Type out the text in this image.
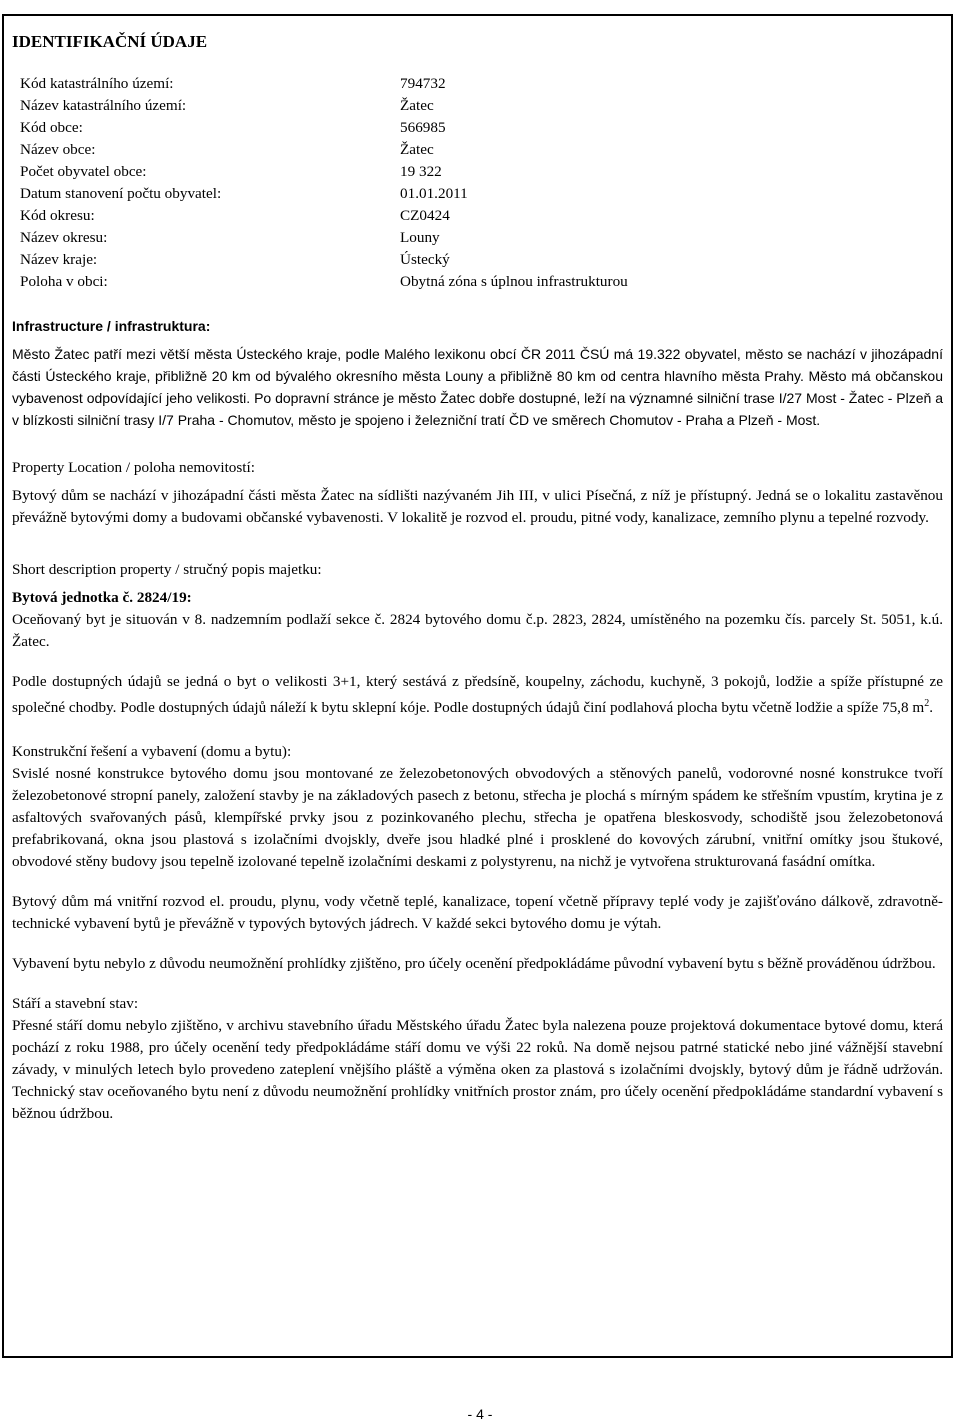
IDENTIFIKAČNÍ ÚDAJE
Kód katastrálního území:	794732
Název katastrálního území:	Žatec
Kód obce:	566985
Název obce:	Žatec
Počet obyvatel obce:	19 322
Datum stanovení počtu obyvatel:	01.01.2011
Kód okresu:	CZ0424
Název okresu:	Louny
Název kraje:	Ústecký
Poloha v obci:	Obytná zóna s úplnou infrastrukturou
Infrastructure / infrastruktura:

Město Žatec patří mezi větší města Ústeckého kraje, podle Malého lexikonu obcí ČR 2011 ČSÚ má 19.322 obyvatel, město se nachází v jihozápadní části Ústeckého kraje, přibližně 20 km od bývalého okresního města Louny a přibližně 80 km od centra hlavního města Prahy. Město má občanskou vybavenost odpovídající jeho velikosti. Po dopravní stránce je město Žatec dobře dostupné, leží na významné silniční trase I/27 Most - Žatec - Plzeň a v blízkosti silniční trasy I/7 Praha - Chomutov, město je spojeno i železniční tratí ČD ve směrech Chomutov - Praha a Plzeň - Most.

Property Location / poloha nemovitostí:

Bytový dům se nachází v jihozápadní části města Žatec na sídlišti nazývaném Jih III, v ulici Písečná, z níž je přístupný. Jedná se o lokalitu zastavěnou převážně bytovými domy a budovami občanské vybavenosti. V lokalitě je rozvod el. proudu, pitné vody, kanalizace, zemního plynu a tepelné rozvody.

Short description property / stručný popis majetku:
Bytová jednotka č. 2824/19:

Oceňovaný byt je situován v 8. nadzemním podlaží sekce č. 2824 bytového domu č.p. 2823, 2824, umístěného na pozemku čís. parcely St. 5051, k.ú. Žatec.

Podle dostupných údajů se jedná o byt o velikosti 3+1, který sestává z předsíně, koupelny, záchodu, kuchyně, 3 pokojů, lodžie a spíže přístupné ze společné chodby. Podle dostupných údajů náleží k bytu sklepní kóje. Podle dostupných údajů činí podlahová plocha bytu včetně lodžie a spíže 75,8 $m^2$.

Konstrukční řešení a vybavení (domu a bytu):

Svislé nosné konstrukce bytového domu jsou montované ze železobetonových obvodových a stěnových panelů, vodorovné nosné konstrukce tvoří železobetonové stropní panely, založení stavby je na základových pasech z betonu, střecha je plochá s mírným spádem ke střešním vpustím, krytina je z asfaltových svařovaných pásů, klempířské prvky jsou z pozinkovaného plechu, střecha je opatřena bleskosvody, schodiště jsou železobetonová prefabrikovaná, okna jsou plastová s izolačními dvojskly, dveře jsou hladké plné i prosklené do kovových zárubní, vnitřní omítky jsou štukové, obvodové stěny budovy jsou tepelně izolované tepelně izolačními deskami z polystyrenu, na nichž je vytvořena strukturovaná fasádní omítka.

Bytový dům má vnitřní rozvod el. proudu, plynu, vody včetně teplé, kanalizace, topení včetně přípravy teplé vody je zajišťováno dálkově, zdravotně-technické vybavení bytů je převážně v typových bytových jádrech. V každé sekci bytového domu je výtah.

Vybavení bytu nebylo z důvodu neumožnění prohlídky zjištěno, pro účely ocenění předpokládáme původní vybavení bytu s běžně prováděnou údržbou.

Stáří a stavební stav:

Přesné stáří domu nebylo zjištěno, v archivu stavebního úřadu Městského úřadu Žatec byla nalezena pouze projektová dokumentace bytové domu, která pochází z roku 1988, pro účely ocenění tedy předpokládáme stáří domu ve výši 22 roků. Na domě nejsou patrné statické nebo jiné vážnější stavební závady, v minulých letech bylo provedeno zateplení vnějšího pláště a výměna oken za plastová s izolačními dvojskly, bytový dům je řádně udržován. Technický stav oceňovaného bytu není z důvodu neumožnění prohlídky vnitřních prostor znám, pro účely ocenění předpokládáme standardní vybavení s běžnou údržbou.

- 4 -
